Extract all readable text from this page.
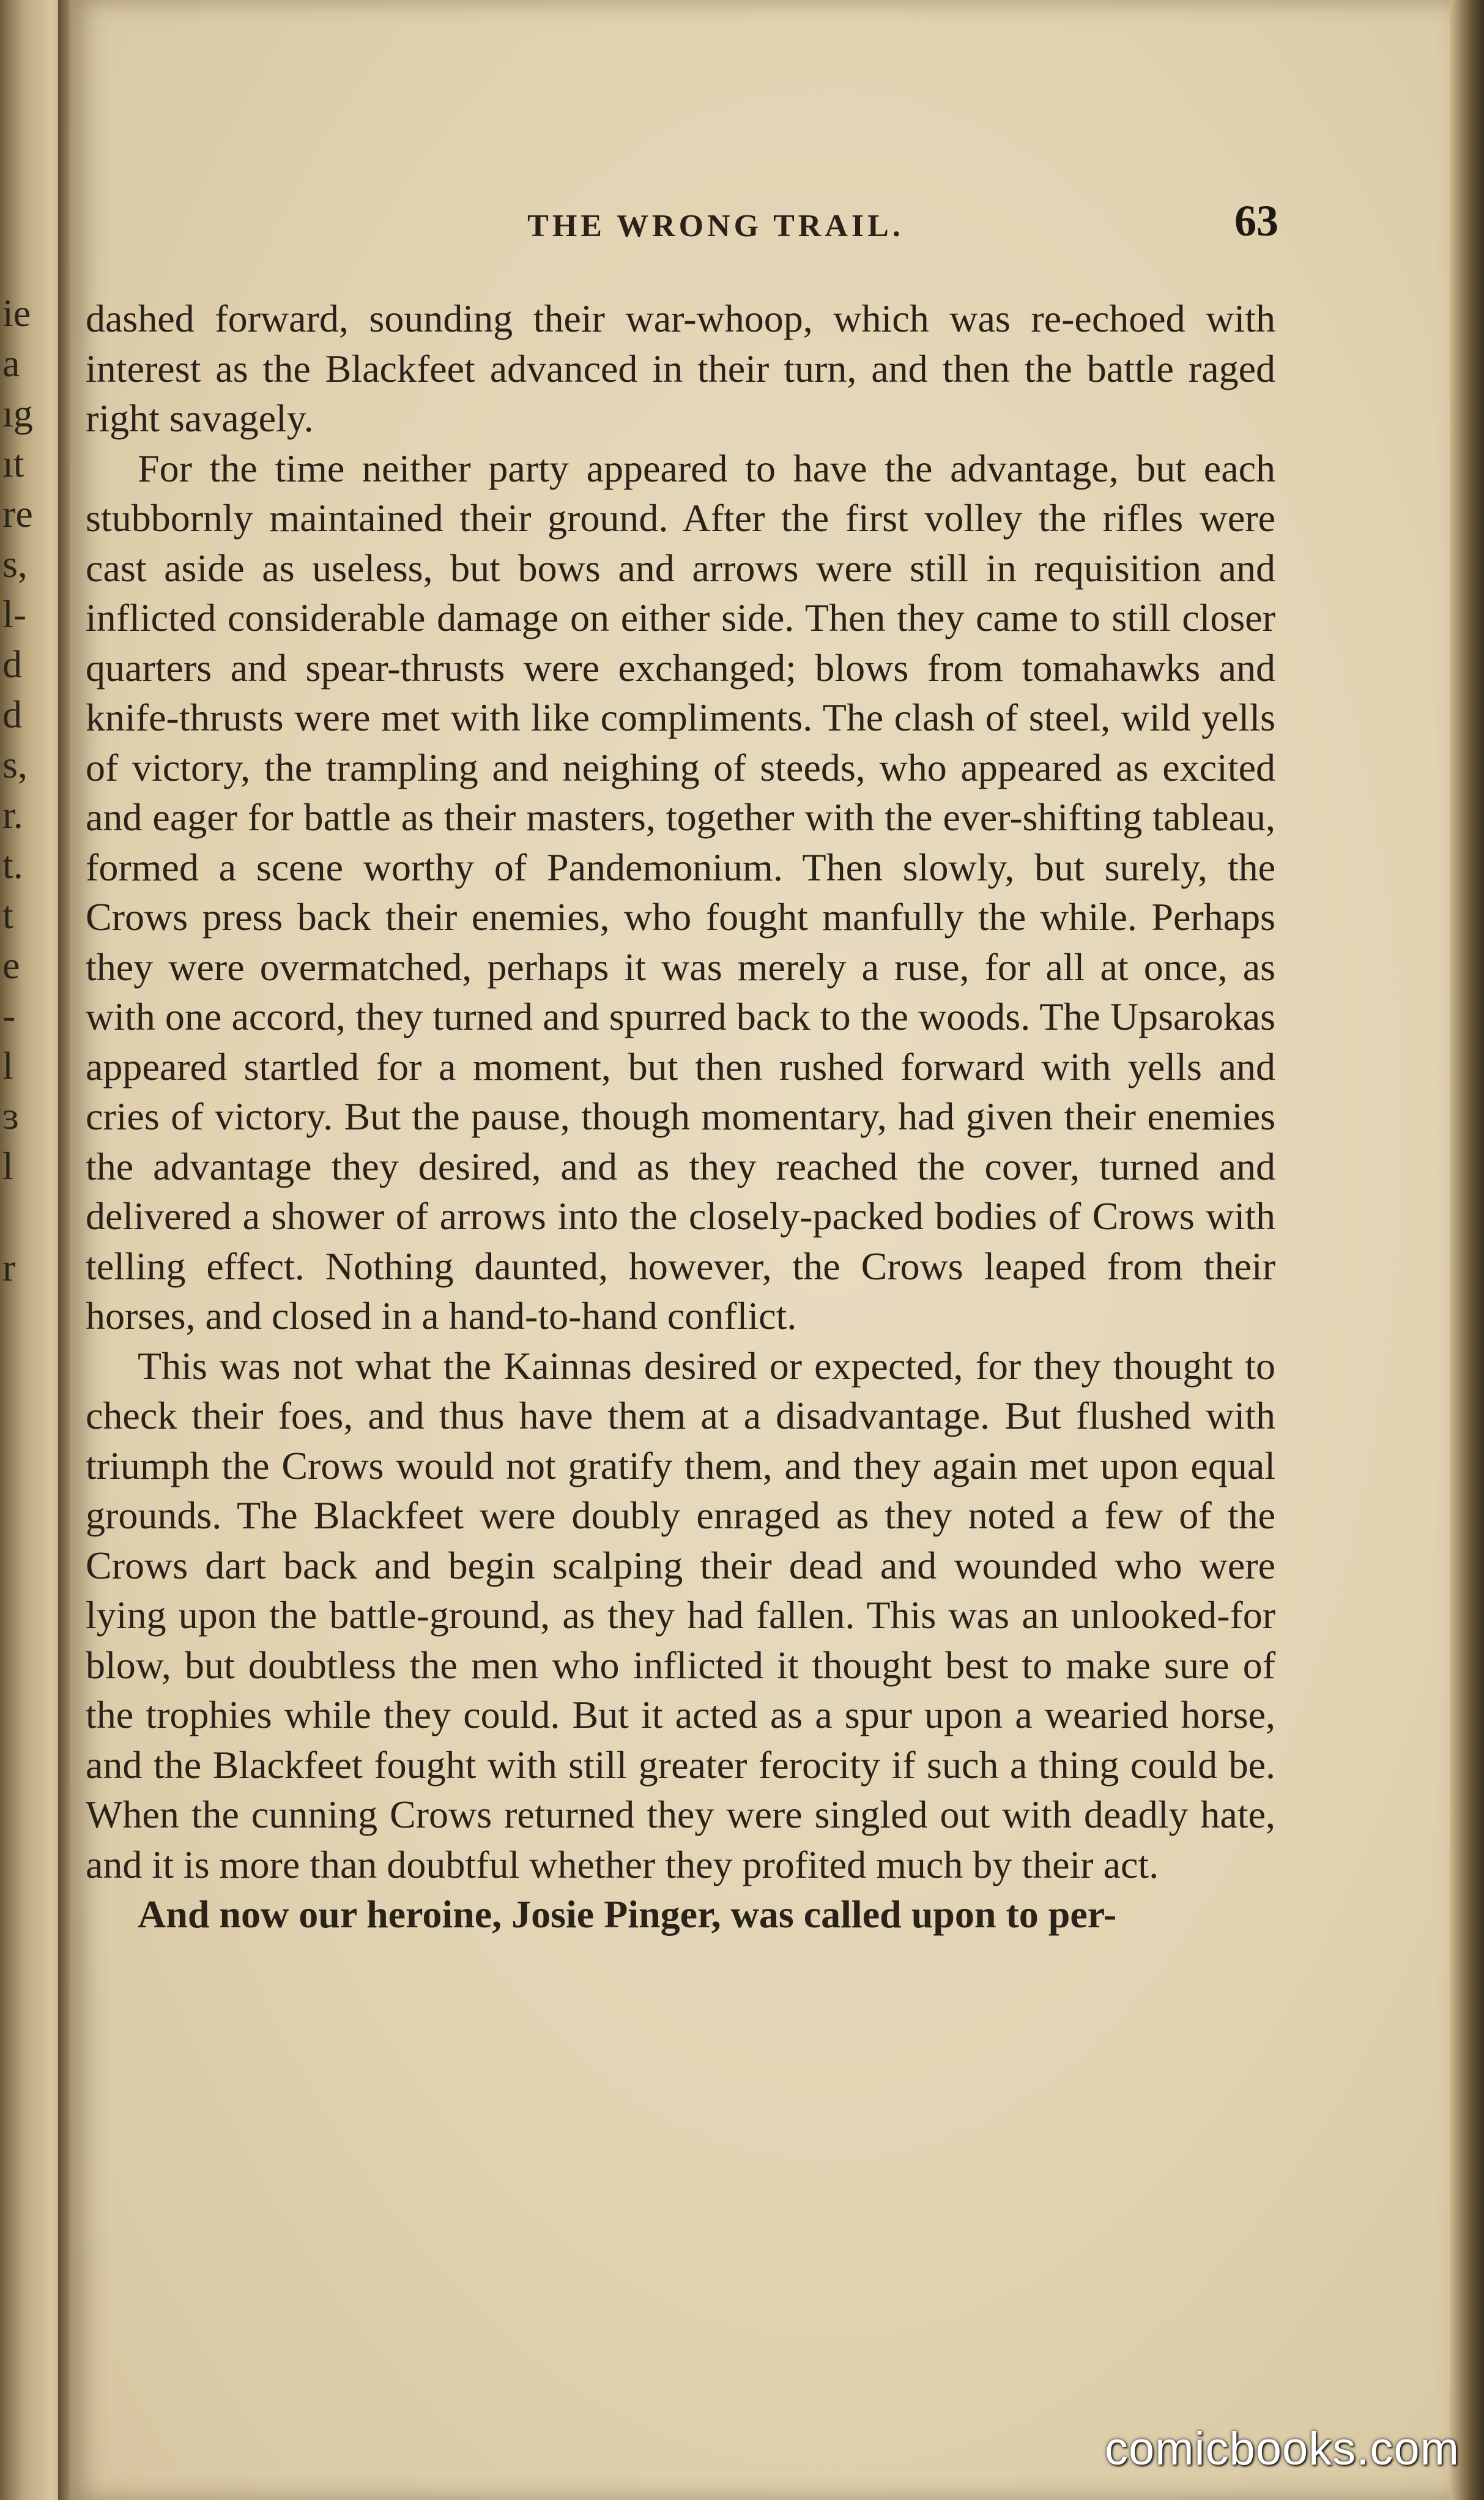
ie
a
ıg
ıt
re
s,
l-
d
d
s,
r.
t.
t
e
-
l
ɜ
l
r
THE WRONG TRAIL.	63

dashed forward, sounding their war-whoop, which was re-echoed with interest as the Blackfeet advanced in their turn, and then the battle raged right savagely.

For the time neither party appeared to have the advantage, but each stubbornly maintained their ground. After the first volley the rifles were cast aside as useless, but bows and arrows were still in requisition and inflicted considerable damage on either side. Then they came to still closer quarters and spear-thrusts were exchanged; blows from tomahawks and knife-thrusts were met with like compliments. The clash of steel, wild yells of victory, the trampling and neighing of steeds, who appeared as excited and eager for battle as their masters, together with the ever-shifting tableau, formed a scene worthy of Pandemonium. Then slowly, but surely, the Crows press back their enemies, who fought manfully the while. Perhaps they were overmatched, perhaps it was merely a ruse, for all at once, as with one accord, they turned and spurred back to the woods. The Upsarokas appeared startled for a moment, but then rushed forward with yells and cries of victory. But the pause, though momentary, had given their enemies the advantage they desired, and as they reached the cover, turned and delivered a shower of arrows into the closely-packed bodies of Crows with telling effect. Nothing daunted, however, the Crows leaped from their horses, and closed in a hand-to-hand conflict.

This was not what the Kainnas desired or expected, for they thought to check their foes, and thus have them at a disadvantage. But flushed with triumph the Crows would not gratify them, and they again met upon equal grounds. The Blackfeet were doubly enraged as they noted a few of the Crows dart back and begin scalping their dead and wounded who were lying upon the battle-ground, as they had fallen. This was an unlooked-for blow, but doubtless the men who inflicted it thought best to make sure of the trophies while they could. But it acted as a spur upon a wearied horse, and the Blackfeet fought with still greater ferocity if such a thing could be. When the cunning Crows returned they were singled out with deadly hate, and it is more than doubtful whether they profited much by their act.

And now our heroine, Josie Pinger, was called upon to per-

comicbooks.com
